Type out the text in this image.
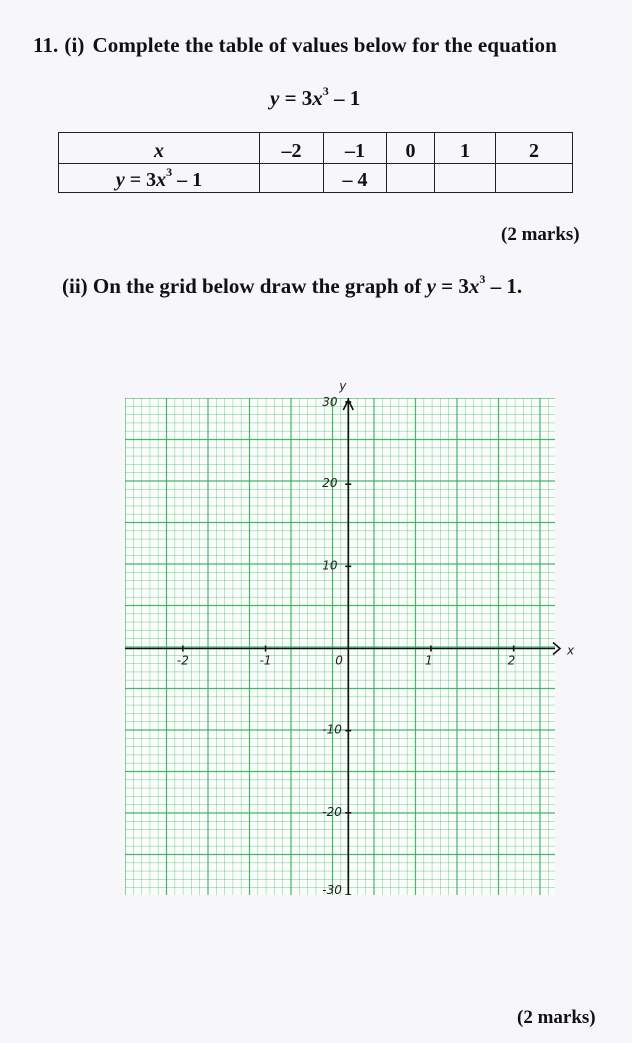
11. (i) Complete the table of values below for the equation
$y = 3x^3 - 1$
x	–2	–1	0	1	2
$y = 3x^3 - 1$		– 4			
(2 marks)
(ii) On the grid below draw the graph of $y = 3x^3 - 1$.
x
y
-2	-1	0	1	2
30
20
10
-10
-20
-30
(2 marks)
